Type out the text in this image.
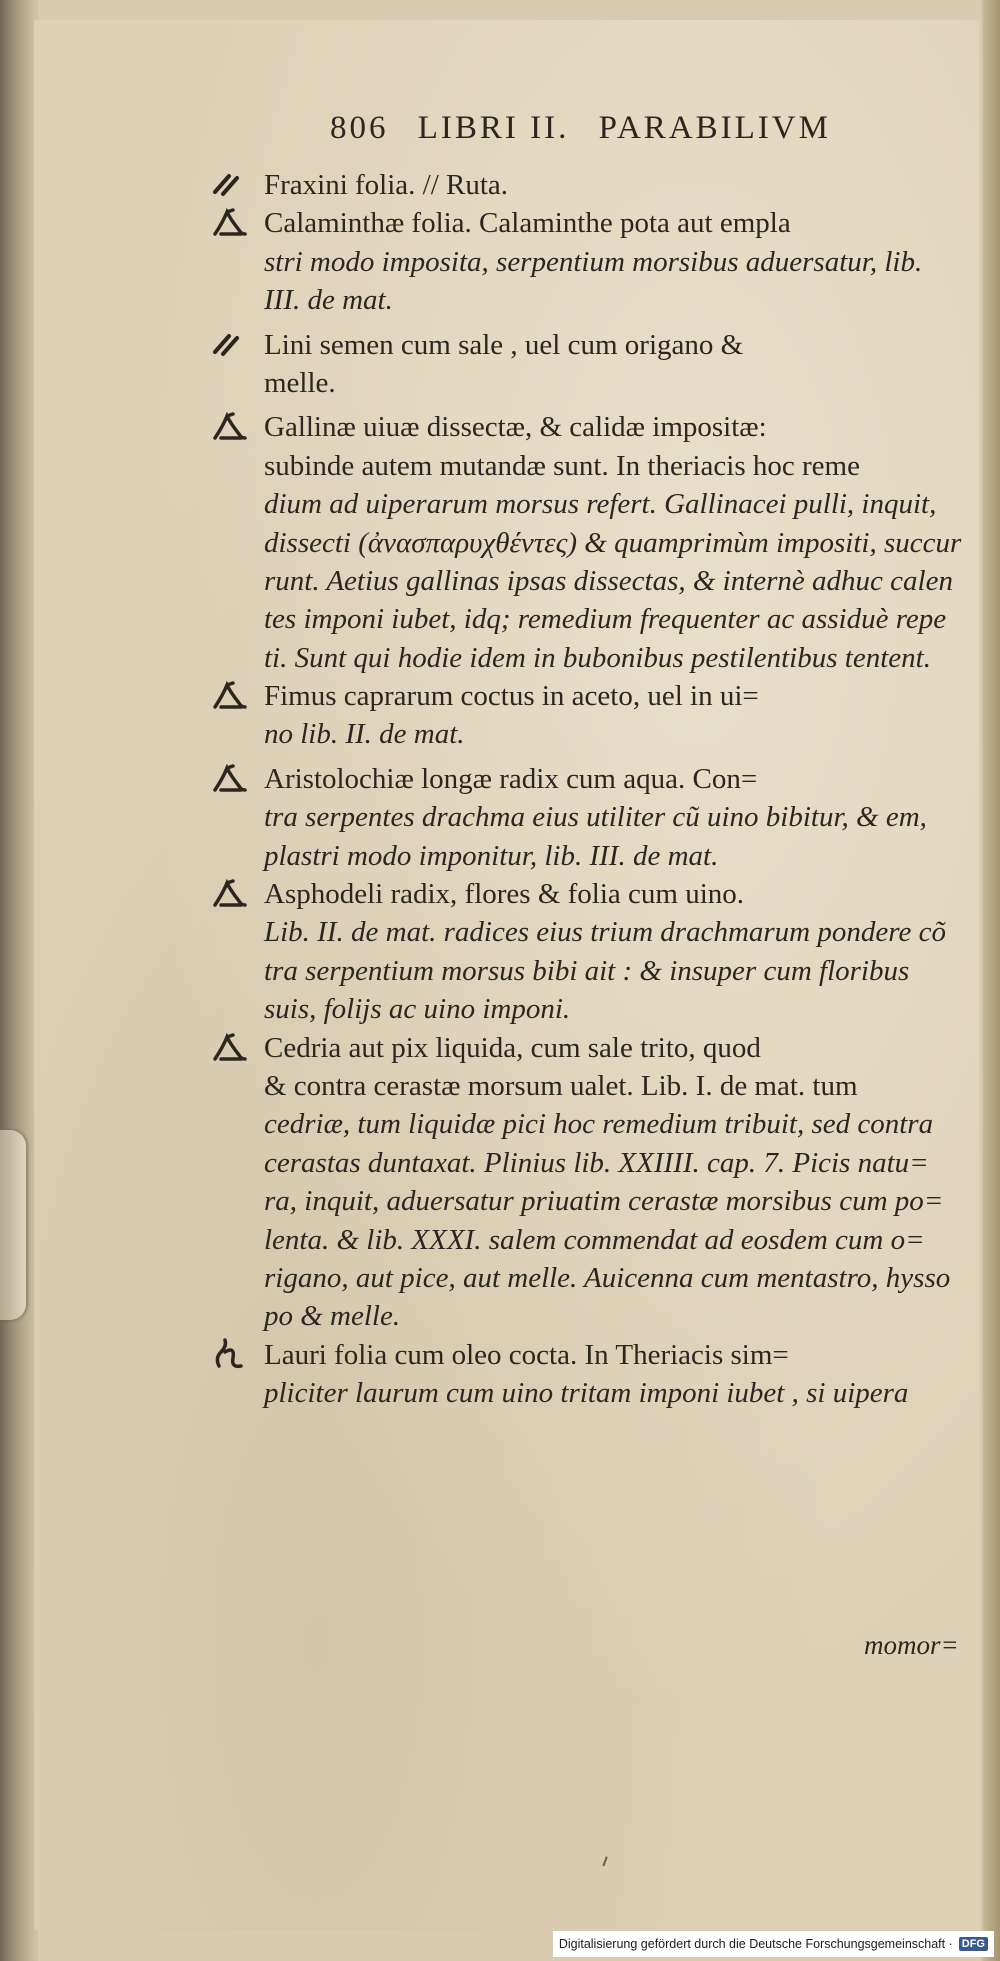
806 LIBRI II. PARABILIVM
Fraxini folia. // Ruta.
Calaminthæ folia. Calaminthe pota aut empla
stri modo imposita, serpentium morsibus aduersatur, lib.
III. de mat.
Lini semen cum sale , uel cum origano &
melle.
Gallinæ uiuæ dissectæ, & calidæ impositæ:
subinde autem mutandæ sunt. In theriacis hoc reme
dium ad uiperarum morsus refert. Gallinacei pulli, inquit,
dissecti (ἀνασπαρυχθέντες) & quamprimùm impositi, succur
runt. Aetius gallinas ipsas dissectas, & internè adhuc calen
tes imponi iubet, idq; remedium frequenter ac assiduè repe
ti. Sunt qui hodie idem in bubonibus pestilentibus tentent.
Fimus caprarum coctus in aceto, uel in ui=
no lib. II. de mat.
Aristolochiæ longæ radix cum aqua. Con=
tra serpentes drachma eius utiliter cũ uino bibitur, & em,
plastri modo imponitur, lib. III. de mat.
Asphodeli radix, flores & folia cum uino.
Lib. II. de mat. radices eius trium drachmarum pondere cõ
tra serpentium morsus bibi ait : & insuper cum floribus
suis, folijs ac uino imponi.
Cedria aut pix liquida, cum sale trito, quod
& contra cerastæ morsum ualet. Lib. I. de mat. tum
cedriæ, tum liquidæ pici hoc remedium tribuit, sed contra
cerastas duntaxat. Plinius lib. XXIIII. cap. 7. Picis natu=
ra, inquit, aduersatur priuatim cerastæ morsibus cum po=
lenta. & lib. XXXI. salem commendat ad eosdem cum o=
rigano, aut pice, aut melle. Auicenna cum mentastro, hysso
po & melle.
Lauri folia cum oleo cocta. In Theriacis sim=
pliciter laurum cum uino tritam imponi iubet , si uipera
momor=
Digitalisierung gefördert durch die Deutsche Forschungsgemeinschaft · DFG
